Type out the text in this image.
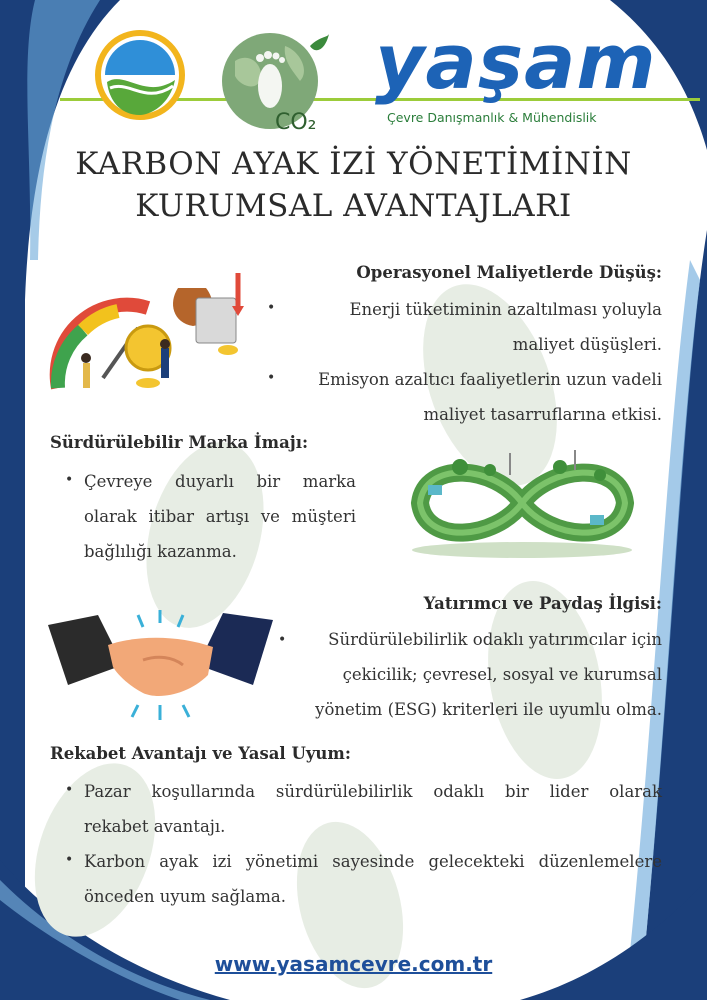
CO₂
yaşam
Çevre Danışmanlık & Mühendislik
KARBON AYAK İZİ YÖNETİMİNİN
KURUMSAL AVANTAJLARI
Operasyonel Maliyetlerde Düşüş:
•	Enerji tüketiminin azaltılması yoluyla
maliyet düşüşleri.
•	Emisyon azaltıcı faaliyetlerin uzun vadeli
maliyet tasarruflarına etkisi.
Sürdürülebilir Marka İmajı:
• Çevreye duyarlı bir marka
olarak itibar artışı ve müşteri
bağlılığı kazanma.
Yatırımcı ve Paydaş İlgisi:
•	Sürdürülebilirlik odaklı yatırımcılar için
çekicilik; çevresel, sosyal ve kurumsal
yönetim (ESG) kriterleri ile uyumlu olma.
Rekabet Avantajı ve Yasal Uyum:
• Pazar koşullarında sürdürülebilirlik odaklı bir lider olarak
rekabet avantajı.
• Karbon ayak izi yönetimi sayesinde gelecekteki düzenlemelere
önceden uyum sağlama.
www.yasamcevre.com.tr
